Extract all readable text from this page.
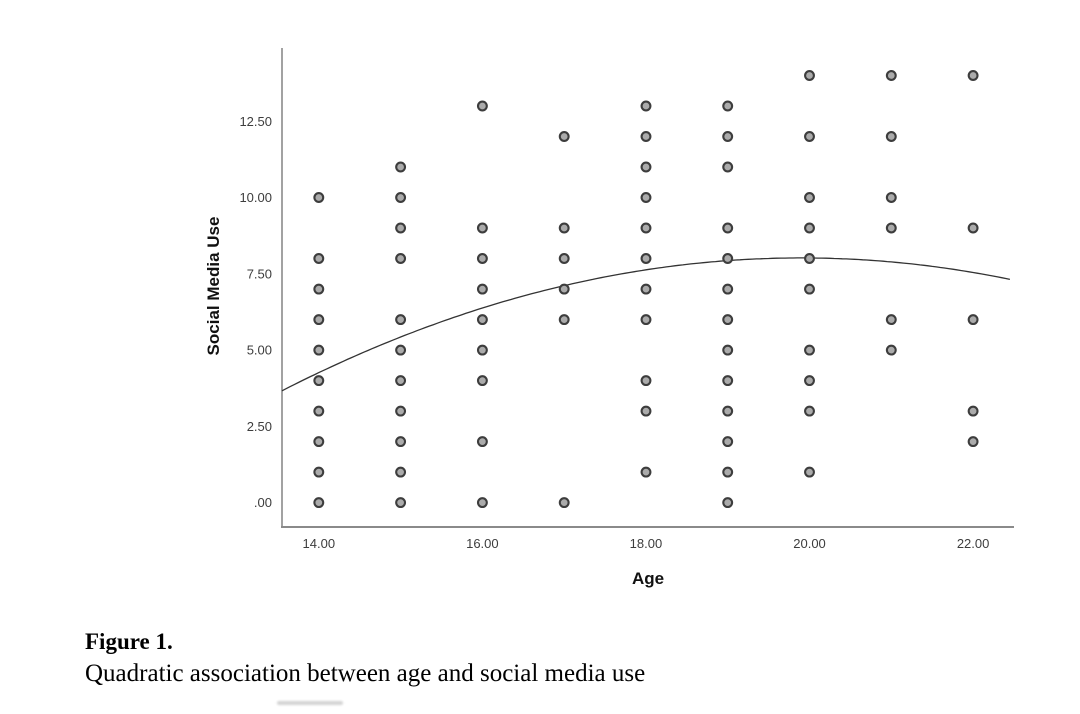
.00
2.50
5.00
7.50
10.00
12.50
14.00	16.00	18.00	20.00	22.00
Age
Social Media Use

Figure 1.

Quadratic association between age and social media use
